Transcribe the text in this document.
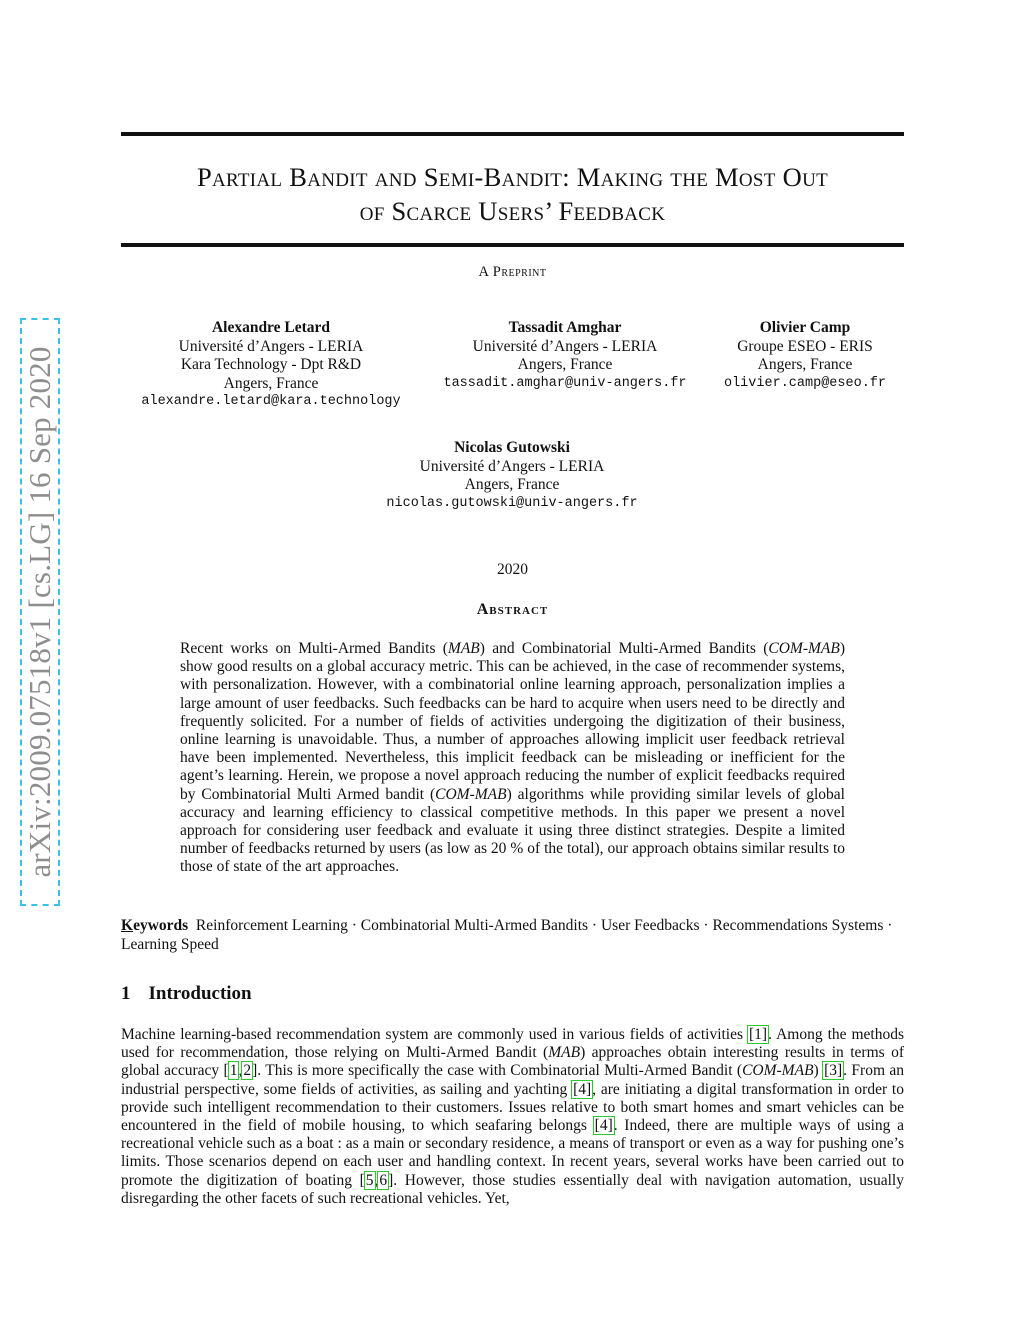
arXiv:2009.07518v1 [cs.LG] 16 Sep 2020
Partial Bandit and Semi-Bandit: Making the Most Out
of Scarce Users’ Feedback
A Preprint
Alexandre Letard
Université d’Angers - LERIA
Kara Technology - Dpt R&D
Angers, France
alexandre.letard@kara.technology
Tassadit Amghar
Université d’Angers - LERIA
Angers, France
tassadit.amghar@univ-angers.fr
Olivier Camp
Groupe ESEO - ERIS
Angers, France
olivier.camp@eseo.fr
Nicolas Gutowski
Université d’Angers - LERIA
Angers, France
nicolas.gutowski@univ-angers.fr
2020
Abstract
Recent works on Multi-Armed Bandits (MAB) and Combinatorial Multi-Armed Bandits (COM-MAB) show good results on a global accuracy metric. This can be achieved, in the case of recommender systems, with personalization. However, with a combinatorial online learning approach, personalization implies a large amount of user feedbacks. Such feedbacks can be hard to acquire when users need to be directly and frequently solicited. For a number of fields of activities undergoing the digitization of their business, online learning is unavoidable. Thus, a number of approaches allowing implicit user feedback retrieval have been implemented. Nevertheless, this implicit feedback can be misleading or inefficient for the agent’s learning. Herein, we propose a novel approach reducing the number of explicit feedbacks required by Combinatorial Multi Armed bandit (COM-MAB) algorithms while providing similar levels of global accuracy and learning efficiency to classical competitive methods. In this paper we present a novel approach for considering user feedback and evaluate it using three distinct strategies. Despite a limited number of feedbacks returned by users (as low as 20 % of the total), our approach obtains similar results to those of state of the art approaches.
Keywords Reinforcement Learning · Combinatorial Multi-Armed Bandits · User Feedbacks · Recommendations Systems · Learning Speed
1 Introduction
Machine learning-based recommendation system are commonly used in various fields of activities [1]. Among the methods used for recommendation, those relying on Multi-Armed Bandit (MAB) approaches obtain interesting results in terms of global accuracy [1,2]. This is more specifically the case with Combinatorial Multi-Armed Bandit (COM-MAB) [3]. From an industrial perspective, some fields of activities, as sailing and yachting [4], are initiating a digital transformation in order to provide such intelligent recommendation to their customers. Issues relative to both smart homes and smart vehicles can be encountered in the field of mobile housing, to which seafaring belongs [4]. Indeed, there are multiple ways of using a recreational vehicle such as a boat : as a main or secondary residence, a means of transport or even as a way for pushing one’s limits. Those scenarios depend on each user and handling context. In recent years, several works have been carried out to promote the digitization of boating [5,6]. However, those studies essentially deal with navigation automation, usually disregarding the other facets of such recreational vehicles. Yet,
